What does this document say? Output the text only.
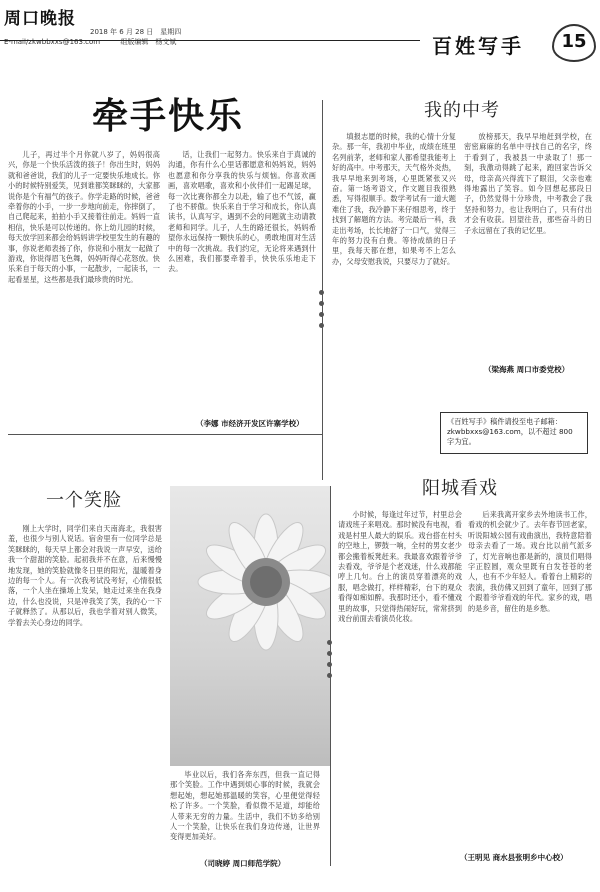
周口晚报
2018 年 6 月 28 日　星期四
E-mail/zkwbbxxs@163.com	组版编辑　杨文斌	百姓写手	15
牵手快乐

儿子，再过半个月你就八岁了，妈妈很高兴，你是一个快乐活泼的孩子！你出生时，妈妈就和爸爸说，我们的儿子一定要快乐地成长。你小的时候特别爱笑，见到谁都笑眯眯的，大家都说你是个有福气的孩子。你学走路的时候，爸爸牵着你的小手，一步一步地向前走，你摔倒了，自己爬起来，拍拍小手又接着往前走。妈妈一直相信，快乐是可以传递的。你上幼儿园的时候，每天放学回来都会给妈妈讲学校里发生的有趣的事，你说老师表扬了你，你说和小朋友一起做了游戏，你说得眉飞色舞，妈妈听得心花怒放。快乐来自于每天的小事，一起散步，一起读书，一起看星星，这些都是我们最珍贵的时光。

话，让我们一起努力。快乐来自于真诚的沟通，你有什么心里话都愿意和妈妈说，妈妈也愿意和你分享我的快乐与烦恼。你喜欢画画，喜欢唱歌，喜欢和小伙伴们一起踢足球，每一次比赛你都全力以赴，输了也不气馁，赢了也不骄傲。快乐来自于学习和成长，你认真读书，认真写字，遇到不会的问题就主动请教老师和同学。儿子，人生的路还很长，妈妈希望你永远保持一颗快乐的心，勇敢地面对生活中的每一次挑战。我们约定，无论将来遇到什么困难，我们都要牵着手，快快乐乐地走下去。

（李娜 市经济开发区许寨学校）
我的中考

填报志愿的时候，我的心情十分复杂。那一年，我初中毕业，成绩在班里名列前茅，老师和家人都希望我能考上好的高中。中考那天，天气格外炎热，我早早地来到考场，心里既紧张又兴奋。第一场考语文，作文题目我很熟悉，写得很顺手。数学考试有一道大题难住了我，我冷静下来仔细思考，终于找到了解题的方法。考完最后一科，我走出考场，长长地舒了一口气，觉得三年的努力没有白费。等待成绩的日子里，我每天都在想，如果考不上怎么办，父母安慰我说，只要尽力了就好。

放榜那天，我早早地赶到学校，在密密麻麻的名单中寻找自己的名字，终于看到了，我被县一中录取了！那一刻，我激动得跳了起来，跑回家告诉父母，母亲高兴得流下了眼泪，父亲也难得地露出了笑容。如今回想起那段日子，仍然觉得十分珍贵，中考教会了我坚持和努力，也让我明白了，只有付出才会有收获。回望往昔，那些奋斗的日子永远留在了我的记忆里。

（梁海燕 周口市委党校）
《百姓写手》稿件请投至电子邮箱：zkwbbxxs@163.com，以不超过 800 字为宜。
一个笑脸

刚上大学时，同学们来自天南海北，我很害羞，也很少与别人说话。宿舍里有一位同学总是笑眯眯的，每天早上都会对我说一声早安，送给我一个甜甜的笑脸。起初我并不在意，后来慢慢地发现，她的笑脸就像冬日里的阳光，温暖着身边的每一个人。有一次我考试没考好，心情很低落，一个人坐在操场上发呆，她走过来坐在我身边，什么也没说，只是冲我笑了笑，我的心一下子就释然了。从那以后，我也学着对别人微笑，学着去关心身边的同学。

毕业以后，我们各奔东西，但我一直记得那个笑脸。工作中遇到烦心事的时候，我就会想起她，想起她那温暖的笑容，心里便觉得轻松了许多。一个笑脸，看似微不足道，却能给人带来无穷的力量。生活中，我们不妨多给别人一个笑脸，让快乐在我们身边传递，让世界变得更加美好。

（司晓婷 周口师范学院）
阳城看戏

小时候，每逢过年过节，村里总会请戏班子来唱戏。那时候没有电视，看戏是村里人最大的娱乐。戏台搭在村头的空地上，锣鼓一响，全村的男女老少都会搬着板凳赶来。我最喜欢跟着爷爷去看戏，爷爷是个老戏迷，什么戏都能哼上几句。台上的演员穿着漂亮的戏服，唱念做打，样样精彩，台下的观众看得如痴如醉。我那时还小，看不懂戏里的故事，只觉得热闹好玩，常常挤到戏台前面去看演员化妆。

后来我离开家乡去外地读书工作，看戏的机会就少了。去年春节回老家，听说阳城公园有戏曲演出，我特意陪着母亲去看了一场。戏台比以前气派多了，灯光音响也都是新的，演员们唱得字正腔圆，观众里既有白发苍苍的老人，也有不少年轻人。看着台上精彩的表演，我仿佛又回到了童年，回到了那个跟着爷爷看戏的年代。家乡的戏，唱的是乡音，留住的是乡愁。

（王明见 商水县张明乡中心校）
